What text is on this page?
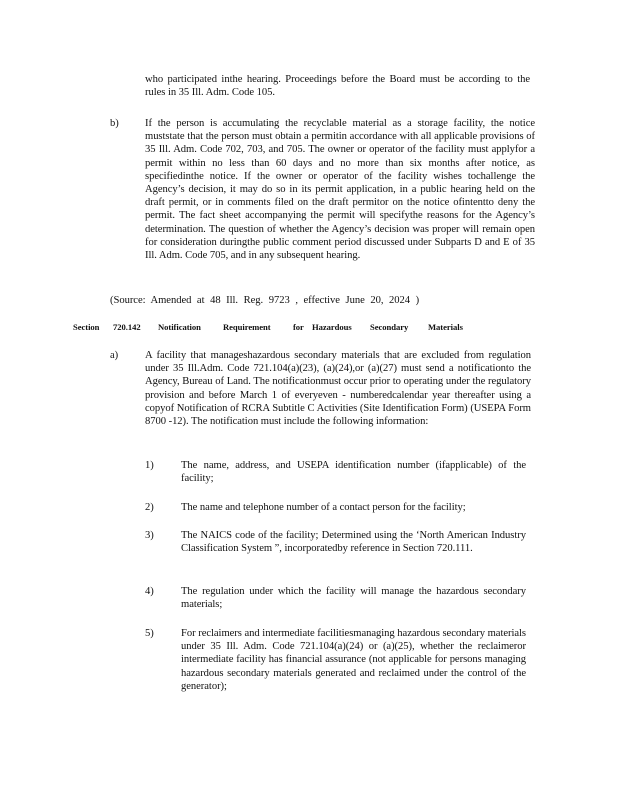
who participated inthe hearing. Proceedings before the Board must be according to the rules in 35 Ill. Adm. Code 105.
b) If the person is accumulating the recyclable material as a storage facility, the notice muststate that the person must obtain a permitin accordance with all applicable provisions of 35 Ill. Adm. Code 702, 703, and 705. The owner or operator of the facility must applyfor a permit within no less than 60 days and no more than six months after notice, as specifiedinthe notice. If the owner or operator of the facility wishes tochallenge the Agency’s decision, it may do so in its permit application, in a public hearing held on the draft permit, or in comments filed on the draft permitor on the notice ofintentto deny the permit. The fact sheet accompanying the permit will specifythe reasons for the Agency’s determination. The question of whether the Agency’s decision was proper will remain open for consideration duringthe public comment period discussed under Subparts D and E of 35 Ill. Adm. Code 705, and in any subsequent hearing.
(Source: Amended at 48 Ill. Reg. 9723 , effective June 20, 2024 )
Section 720.142 Notification	Requirement	for Hazardous Secondary Materials
a)	A facility that manageshazardous secondary materials that are excluded from regulation under 35 Ill.Adm. Code 721.104(a)(23), (a)(24),or (a)(27) must send a notificationto the Agency, Bureau of Land. The notificationmust occur prior to operating under the regulatory provision and before March 1 of everyeven - numberedcalendar year thereafter using a copyof Notification of RCRA Subtitle C Activities (Site Identification Form) (USEPA Form 8700 -12). The notification must include the following information:
1)	The name, address, and USEPA identification number (ifapplicable) of the facility;
2)	The name and telephone number of a contact person for the facility;
3)	The NAICS code of the facility; Determined using the ‘North American Industry Classification System ”, incorporatedby reference in Section 720.111.
4)	The regulation under which the facility will manage the hazardous secondary materials;
5)	For reclaimers and intermediate facilitiesmanaging hazardous secondary materials under 35 Ill. Adm. Code 721.104(a)(24) or (a)(25), whether the reclaimeror intermediate facility has financial assurance (not applicable for persons managing hazardous secondary materials generated and reclaimed under the control of the generator);
